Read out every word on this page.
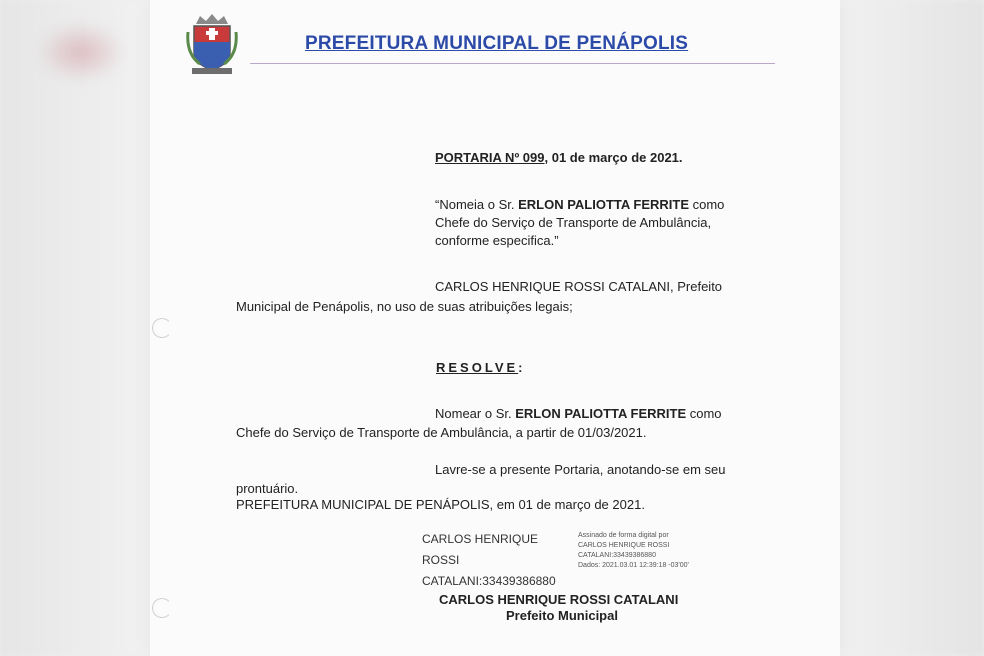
PREFEITURA MUNICIPAL DE PENÁPOLIS
PORTARIA Nº 099, 01 de março de 2021.
“Nomeia o Sr. ERLON PALIOTTA FERRITE como
Chefe do Serviço de Transporte de Ambulância,
conforme especifica.”
CARLOS HENRIQUE ROSSI CATALANI, Prefeito
Municipal de Penápolis, no uso de suas atribuições legais;
RESOLVE:
Nomear o Sr. ERLON PALIOTTA FERRITE como
Chefe do Serviço de Transporte de Ambulância, a partir de 01/03/2021.
Lavre-se a presente Portaria, anotando-se em seu
prontuário.
PREFEITURA MUNICIPAL DE PENÁPOLIS, em 01 de março de 2021.
CARLOS HENRIQUE
ROSSI
CATALANI:33439386880
Assinado de forma digital por
CARLOS HENRIQUE ROSSI
CATALANI:33439386880
Dados: 2021.03.01 12:39:18 -03'00'
CARLOS HENRIQUE ROSSI CATALANI
Prefeito Municipal
